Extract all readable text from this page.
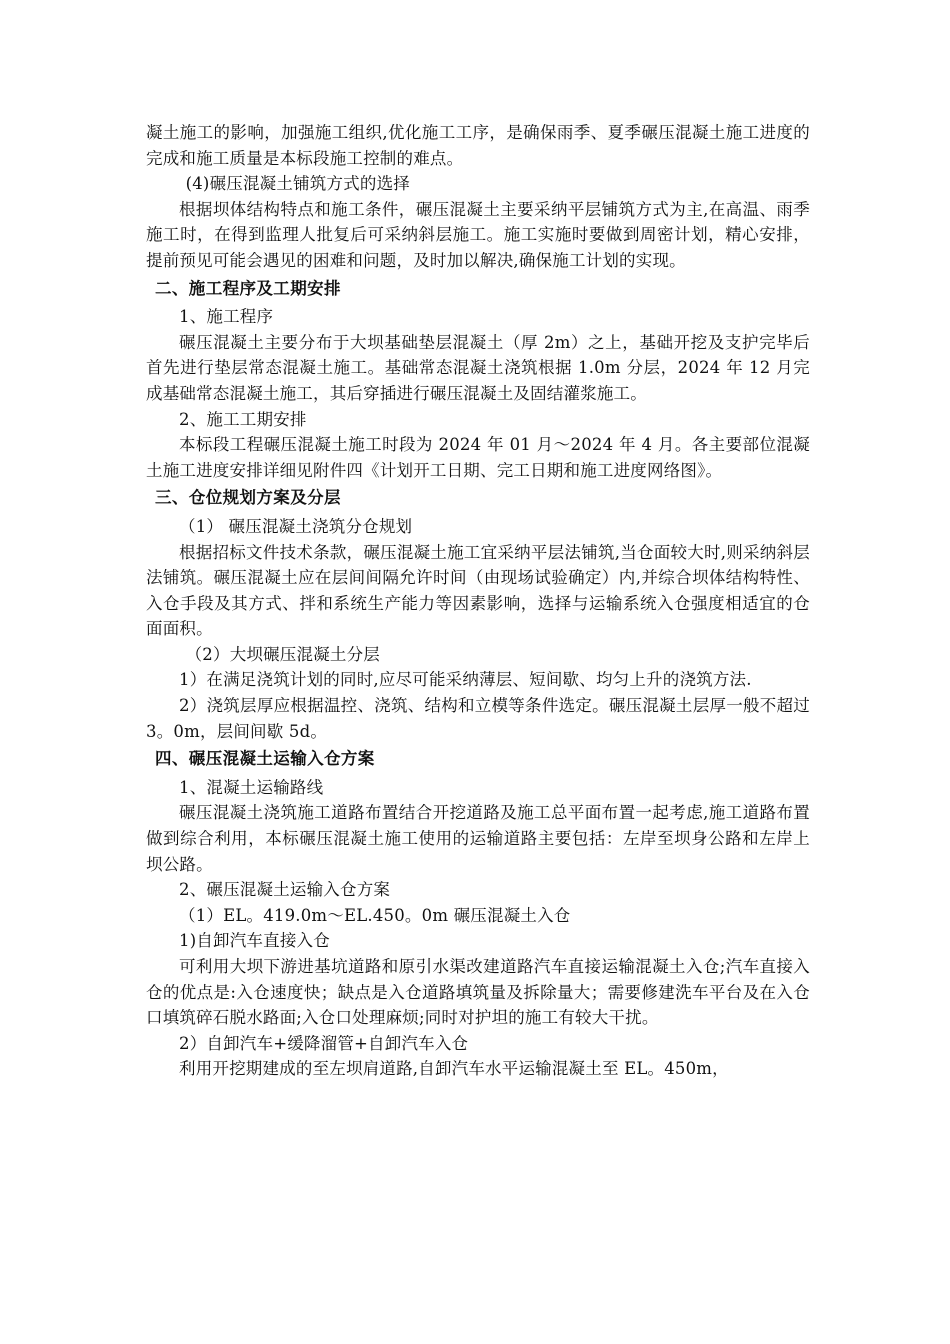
凝土施工的影响，加强施工组织,优化施工工序，是确保雨季、夏季碾压混凝土施工进度的完成和施工质量是本标段施工控制的难点。

(4)碾压混凝土铺筑方式的选择

根据坝体结构特点和施工条件，碾压混凝土主要采纳平层铺筑方式为主,在高温、雨季施工时，在得到监理人批复后可采纳斜层施工。施工实施时要做到周密计划，精心安排，提前预见可能会遇见的困难和问题，及时加以解决,确保施工计划的实现。

二、施工程序及工期安排

1、施工程序

碾压混凝土主要分布于大坝基础垫层混凝土（厚 2m）之上，基础开挖及支护完毕后首先进行垫层常态混凝土施工。基础常态混凝土浇筑根据 1.0m 分层，2024 年 12 月完成基础常态混凝土施工，其后穿插进行碾压混凝土及固结灌浆施工。

2、施工工期安排

本标段工程碾压混凝土施工时段为 2024 年 01 月～2024 年 4 月。各主要部位混凝土施工进度安排详细见附件四《计划开工日期、完工日期和施工进度网络图》。

三、仓位规划方案及分层

（1） 碾压混凝土浇筑分仓规划

根据招标文件技术条款，碾压混凝土施工宜采纳平层法铺筑,当仓面较大时,则采纳斜层法铺筑。碾压混凝土应在层间间隔允许时间（由现场试验确定）内,并综合坝体结构特性、入仓手段及其方式、拌和系统生产能力等因素影响，选择与运输系统入仓强度相适宜的仓面面积。

（2）大坝碾压混凝土分层

1）在满足浇筑计划的同时,应尽可能采纳薄层、短间歇、均匀上升的浇筑方法.

2）浇筑层厚应根据温控、浇筑、结构和立模等条件选定。碾压混凝土层厚一般不超过 3。0m，层间间歇 5d。

四、碾压混凝土运输入仓方案

1、混凝土运输路线

碾压混凝土浇筑施工道路布置结合开挖道路及施工总平面布置一起考虑,施工道路布置做到综合利用，本标碾压混凝土施工使用的运输道路主要包括：左岸至坝身公路和左岸上坝公路。

2、碾压混凝土运输入仓方案

（1）EL。419.0m～EL.450。0m 碾压混凝土入仓

1)自卸汽车直接入仓

可利用大坝下游进基坑道路和原引水渠改建道路汽车直接运输混凝土入仓;汽车直接入仓的优点是:入仓速度快；缺点是入仓道路填筑量及拆除量大；需要修建洗车平台及在入仓口填筑碎石脱水路面;入仓口处理麻烦;同时对护坦的施工有较大干扰。

2）自卸汽车+缓降溜管+自卸汽车入仓

利用开挖期建成的至左坝肩道路,自卸汽车水平运输混凝土至 EL。450m，
